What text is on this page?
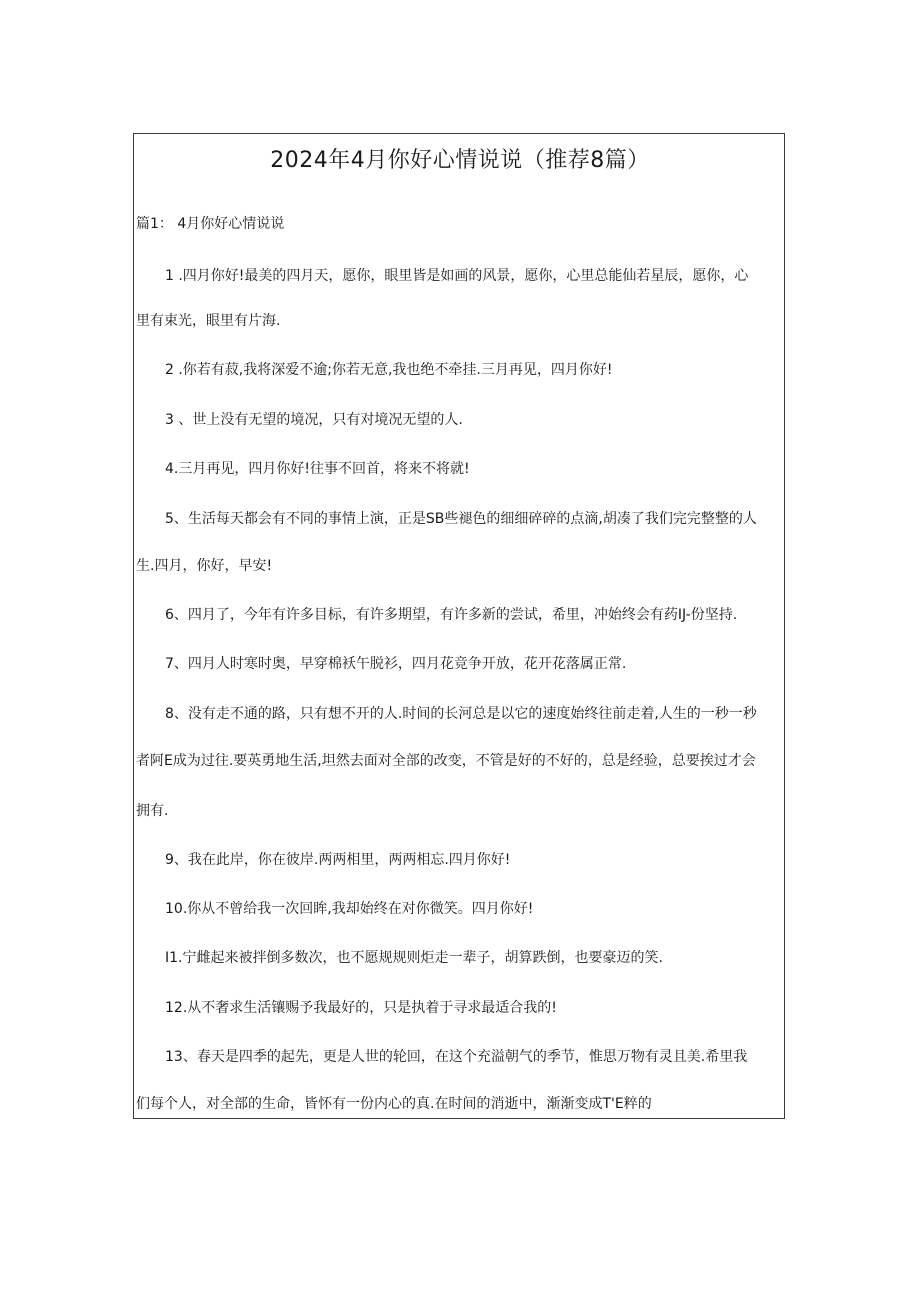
2024年4月你好心情说说（推荐8篇）
篇1： 4月你好心情说说

1 .四月你好!最美的四月天，愿你，眼里皆是如画的风景，愿你，心里总能仙若星辰，愿你，心

里有束光，眼里有片海.

2 .你若有菽,我将深爱不逾;你若无意,我也绝不牵挂.三月再见，四月你好!

3 、世上没有无望的境况，只有对境况无望的人.

4.三月再见，四月你好!往事不回首，将来不将就!

5、生活每天都会有不同的事情上演，正是SB些褪色的细细碎碎的点滴,胡凑了我们完完整整的人

生.四月，你好，早安!

6、四月了，今年有许多目标，有许多期望，有许多新的尝试，希里，冲始终会有药IJ-份坚持.

7、四月人时寒时奥，早穿棉袄午脱衫，四月花竞争开放，花开花落属正常.

8、没有走不通的路，只有想不开的人.时间的长河总是以它的速度始终往前走着,人生的一秒一秒

者阿E成为过往.要英勇地生活,坦然去面对全部的改变，不管是好的不好的，总是经验，总要挨过才会

拥有.

9、我在此岸，你在彼岸.两两相里，两两相忘.四月你好!

10.你从不曾给我一次回眸,我却始终在对你微笑。四月你好!

I1.宁雌起来被拌倒多数次，也不愿规规则炬走一辈子，胡算跌倒，也要豪迈的笑.

12.从不奢求生活镶赐予我最好的，只是执着于寻求最适合我的!

13、春天是四季的起先，更是人世的轮回，在这个充溢朝气的季节，惟思万物有灵且美.希里我

们每个人，对全部的生命，皆怀有一份内心的真.在时间的消逝中，渐渐变成T'E粹的
